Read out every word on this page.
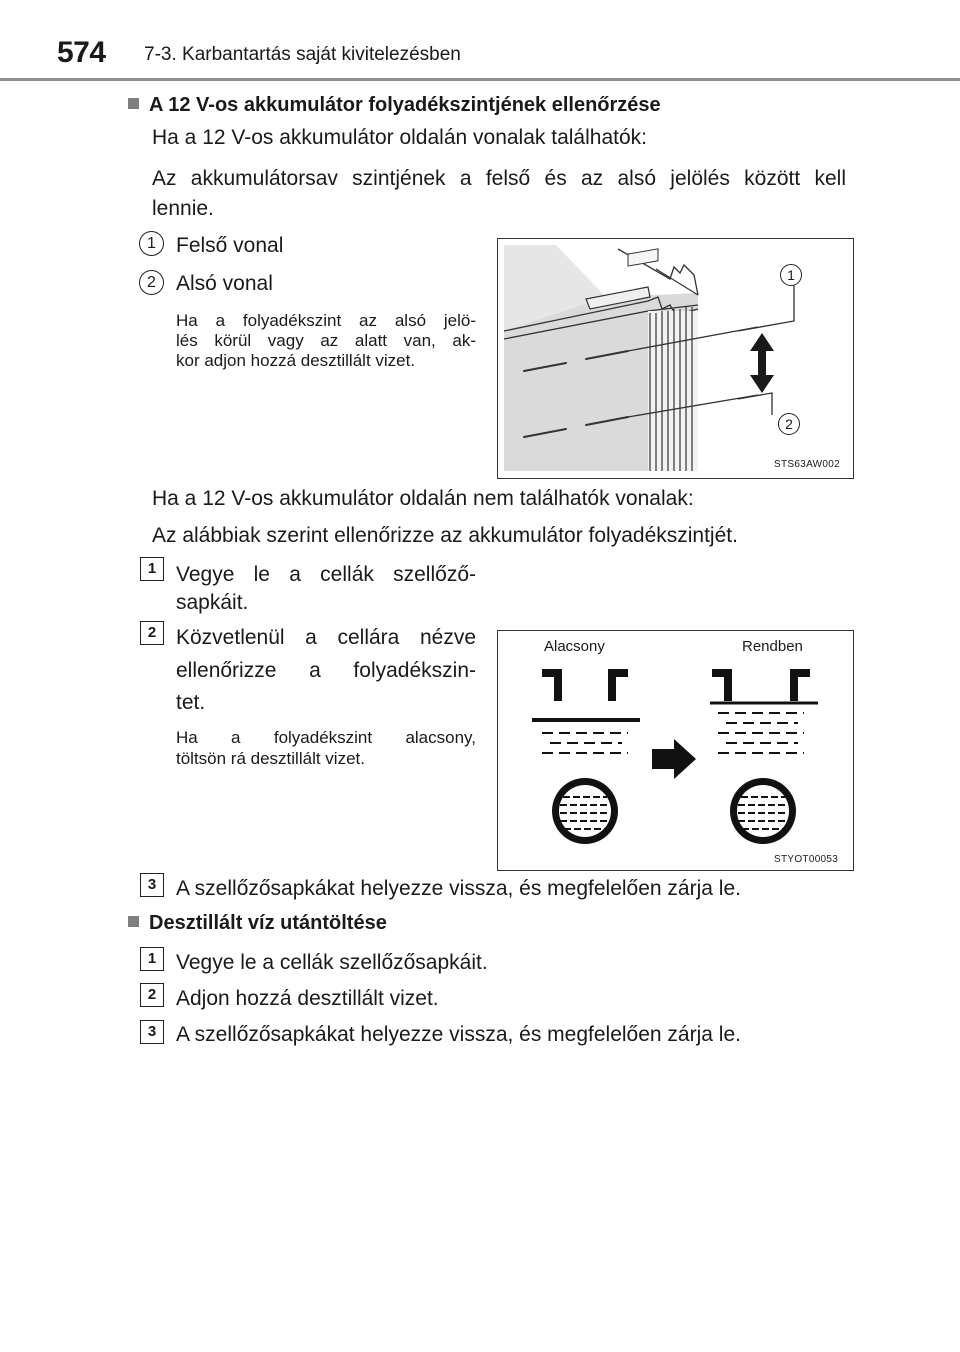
574 7-3. Karbantartás saját kivitelezésben
A 12 V-os akkumulátor folyadékszintjének ellenőrzése
Ha a 12 V-os akkumulátor oldalán vonalak találhatók:
Az akkumulátorsav szintjének a felső és az alsó jelölés között kell
lennie.
1 Felső vonal
2 Alsó vonal
Ha a folyadékszint az alsó jelö-
lés körül vagy az alatt van, ak-
kor adjon hozzá desztillált vizet.
1
2
STS63AW002
Ha a 12 V-os akkumulátor oldalán nem találhatók vonalak:
Az alábbiak szerint ellenőrizze az akkumulátor folyadékszintjét.
1 Vegye le a cellák szellőző-
sapkáit.
2 Közvetlenül a cellára nézve
ellenőrizze a folyadékszin-
tet.
Ha a folyadékszint alacsony,
töltsön rá desztillált vizet.
Alacsony	Rendben
STYOT00053
3 A szellőzősapkákat helyezze vissza, és megfelelően zárja le.
Desztillált víz utántöltése
1 Vegye le a cellák szellőzősapkáit.
2 Adjon hozzá desztillált vizet.
3 A szellőzősapkákat helyezze vissza, és megfelelően zárja le.
